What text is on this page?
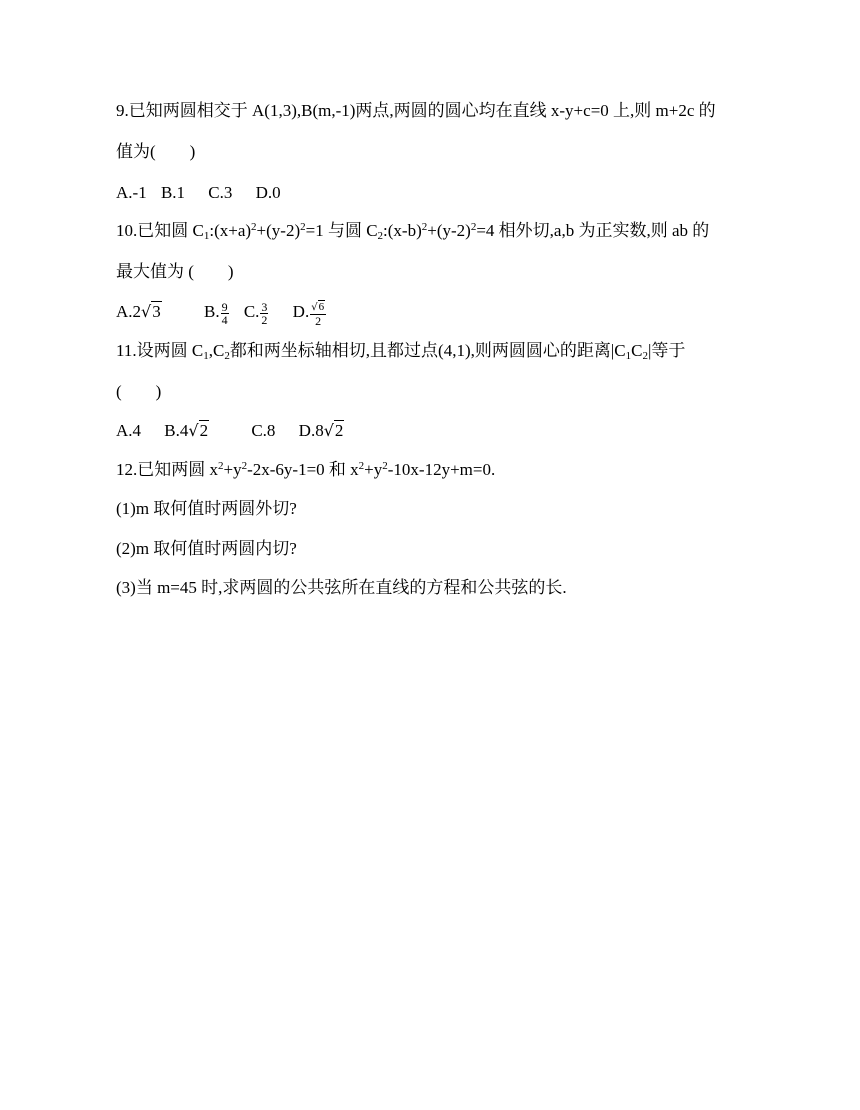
9.已知两圆相交于 A(1,3),B(m,-1)两点,两圆的圆心均在直线 x-y+c=0 上,则 m+2c 的
值为(　　)
A.-1 B.1 C.3 D.0
10.已知圆 $C_1:(x+a)^2+(y-2)^2=1$ 与圆 $C_2:(x-b)^2+(y-2)^2=4$ 相外切,a,b 为正实数,则 ab 的
最大值为 (　　)
A.2√3	B. $\frac{9}{4} C$. $\frac{3}{2} D$. $\frac{√6}{2}$
11.设两圆 $C_1,C_2$都和两坐标轴相切,且都过点(4,1),则两圆圆心的距离$|C_1C_2|$等于
(　　)
A.4 B.4√2	C.8 D.8√2
12.已知两圆 $x^2+y^2-2x-6y-1=0$ 和 $x^2+y^2-10x-12y+m=0$.
(1)m 取何值时两圆外切?
(2)m 取何值时两圆内切?
(3)当 m=45 时,求两圆的公共弦所在直线的方程和公共弦的长.
